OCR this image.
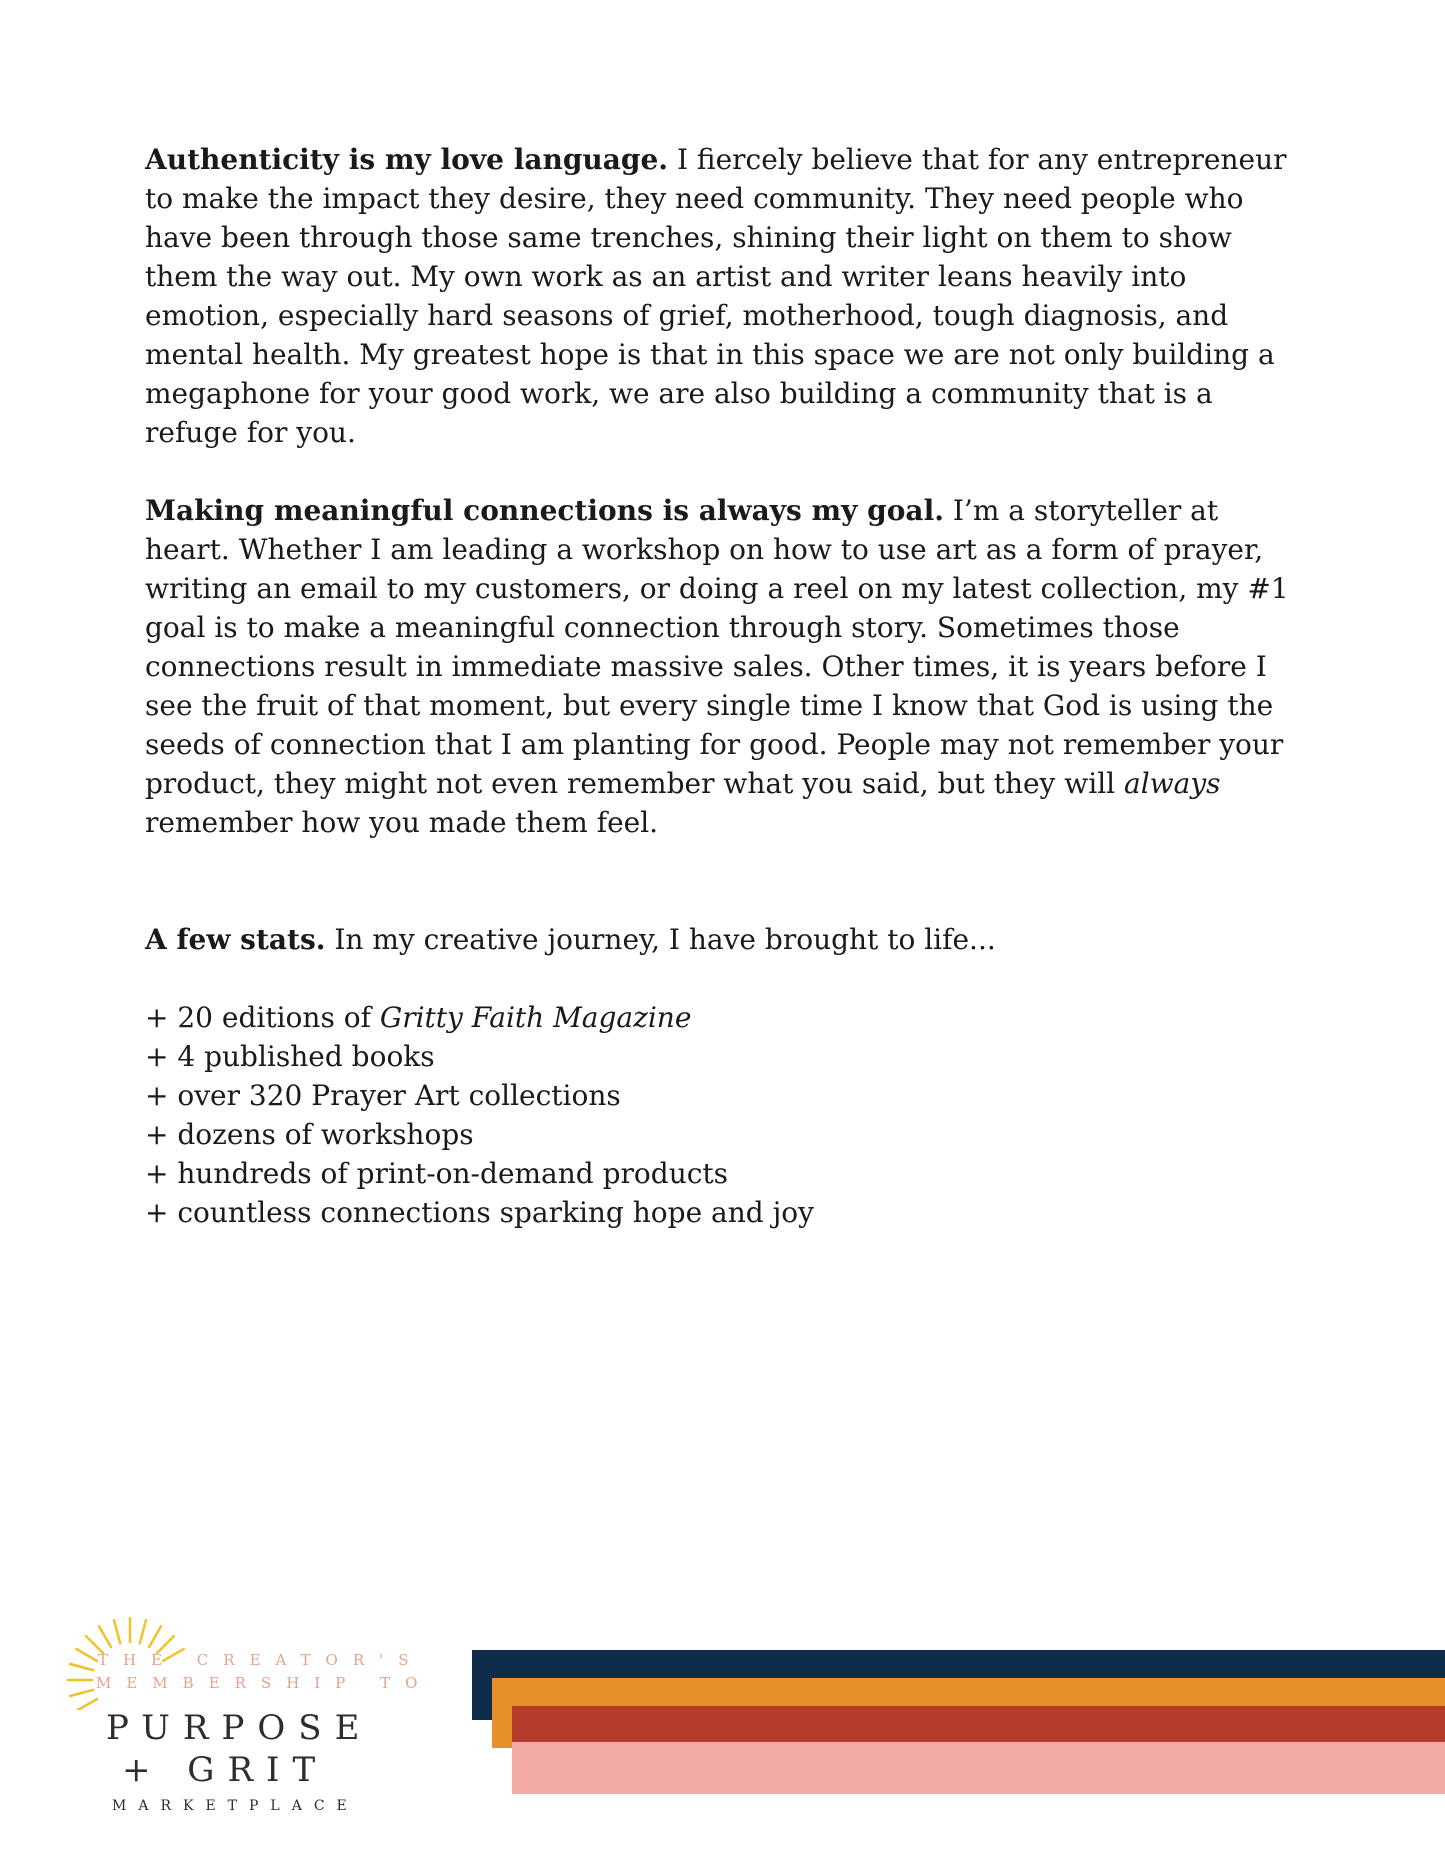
Authenticity is my love language. I fiercely believe that for any entrepreneur to make the impact they desire, they need community. They need people who have been through those same trenches, shining their light on them to show them the way out. My own work as an artist and writer leans heavily into emotion, especially hard seasons of grief, motherhood, tough diagnosis, and mental health. My greatest hope is that in this space we are not only building a megaphone for your good work, we are also building a community that is a refuge for you.

Making meaningful connections is always my goal. I’m a storyteller at heart. Whether I am leading a workshop on how to use art as a form of prayer, writing an email to my customers, or doing a reel on my latest collection, my #1 goal is to make a meaningful connection through story. Sometimes those connections result in immediate massive sales. Other times, it is years before I see the fruit of that moment, but every single time I know that God is using the seeds of connection that I am planting for good. People may not remember your product, they might not even remember what you said, but they will always remember how you made them feel.

A few stats. In my creative journey, I have brought to life...

+ 20 editions of Gritty Faith Magazine
+ 4 published books
+ over 320 Prayer Art collections
+ dozens of workshops
+ hundreds of print-on-demand products
+ countless connections sparking hope and joy
THE CREATOR'S
MEMBERSHIP TO
PURPOSE
+ GRIT
MARKETPLACE
